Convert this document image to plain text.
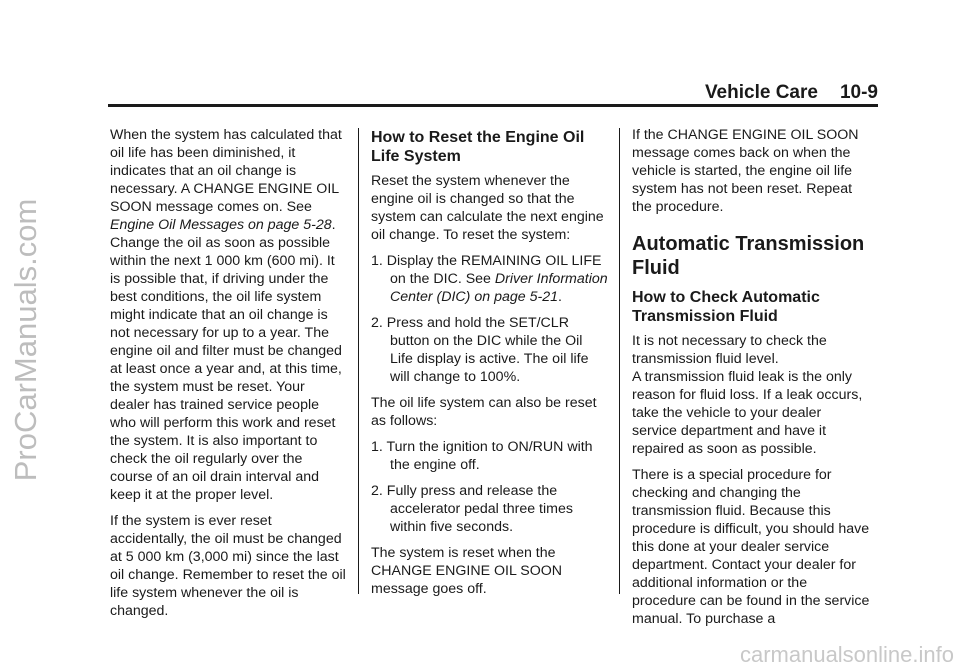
ProCarManuals.com
Vehicle Care 10-9

When the system has calculated that oil life has been diminished, it indicates that an oil change is necessary. A CHANGE ENGINE OIL SOON message comes on. See Engine Oil Messages on page 5-28.

Change the oil as soon as possible within the next 1 000 km (600 mi). It is possible that, if driving under the best conditions, the oil life system might indicate that an oil change is not necessary for up to a year. The engine oil and filter must be changed at least once a year and, at this time, the system must be reset. Your dealer has trained service people who will perform this work and reset the system. It is also important to check the oil regularly over the course of an oil drain interval and keep it at the proper level.

If the system is ever reset accidentally, the oil must be changed at 5 000 km (3,000 mi) since the last oil change. Remember to reset the oil life system whenever the oil is changed.

How to Reset the Engine Oil Life System

Reset the system whenever the engine oil is changed so that the system can calculate the next engine oil change. To reset the system:

1. Display the REMAINING OIL LIFE on the DIC. See Driver Information Center (DIC) on page 5-21.

2. Press and hold the SET/CLR button on the DIC while the Oil Life display is active. The oil life will change to 100%.

The oil life system can also be reset as follows:

1. Turn the ignition to ON/RUN with the engine off.

2. Fully press and release the accelerator pedal three times within five seconds.

The system is reset when the CHANGE ENGINE OIL SOON message goes off.

If the CHANGE ENGINE OIL SOON message comes back on when the vehicle is started, the engine oil life system has not been reset. Repeat the procedure.

Automatic Transmission Fluid
How to Check Automatic Transmission Fluid

It is not necessary to check the transmission fluid level.

A transmission fluid leak is the only reason for fluid loss. If a leak occurs, take the vehicle to your dealer service department and have it repaired as soon as possible.

There is a special procedure for checking and changing the transmission fluid. Because this procedure is difficult, you should have this done at your dealer service department. Contact your dealer for additional information or the procedure can be found in the service manual. To purchase a

carmanualsonline.info
